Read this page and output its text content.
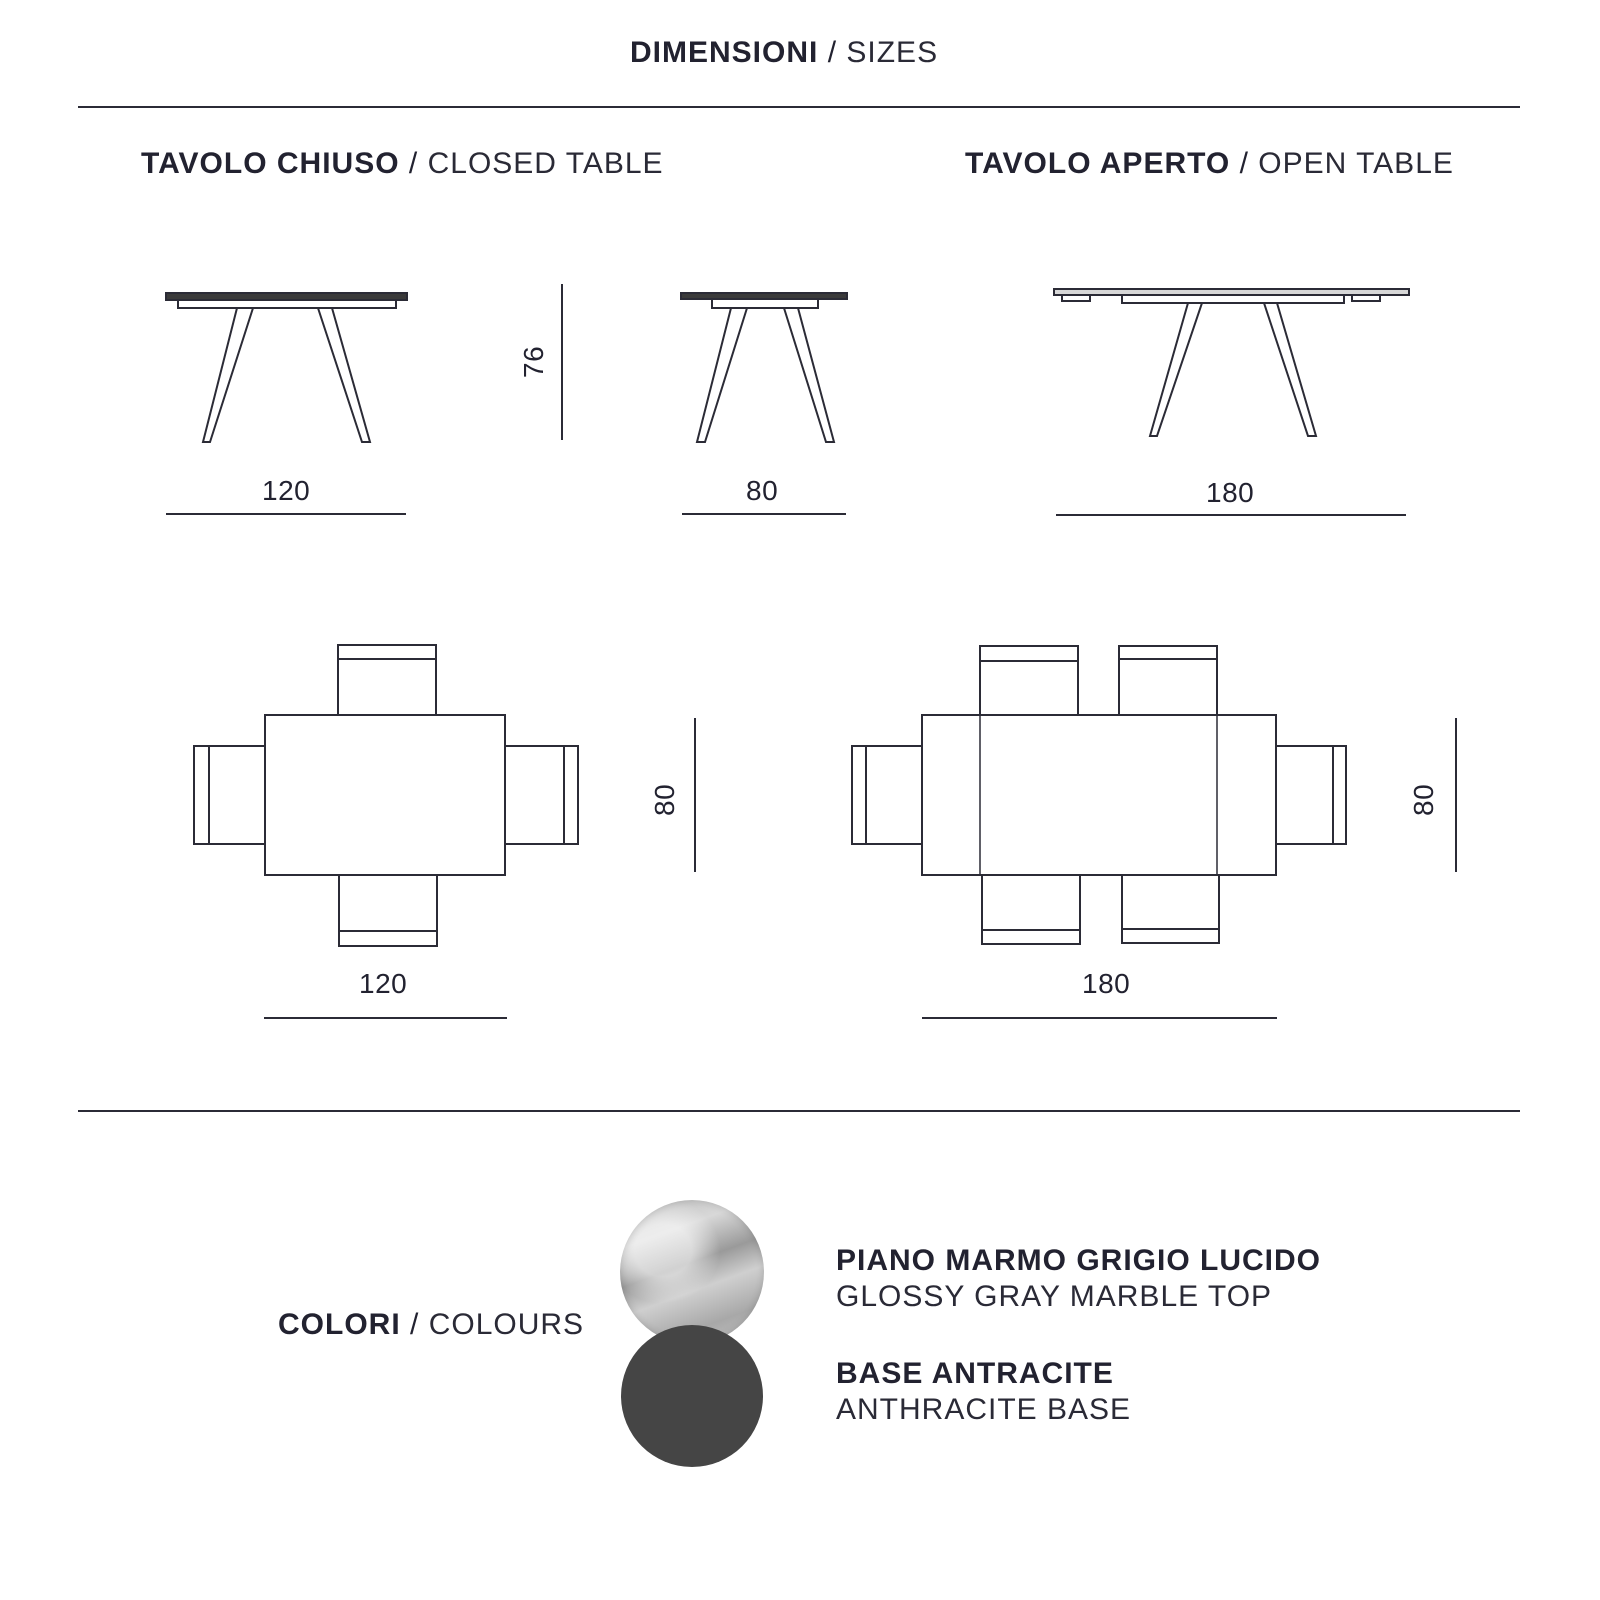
DIMENSIONI / SIZES
TAVOLO CHIUSO / CLOSED TABLE	TAVOLO APERTO / OPEN TABLE
120
76
80	180
120
80
180
80
COLORI / COLOURS
PIANO MARMO GRIGIO LUCIDO
GLOSSY GRAY MARBLE TOP
BASE ANTRACITE
ANTHRACITE BASE
